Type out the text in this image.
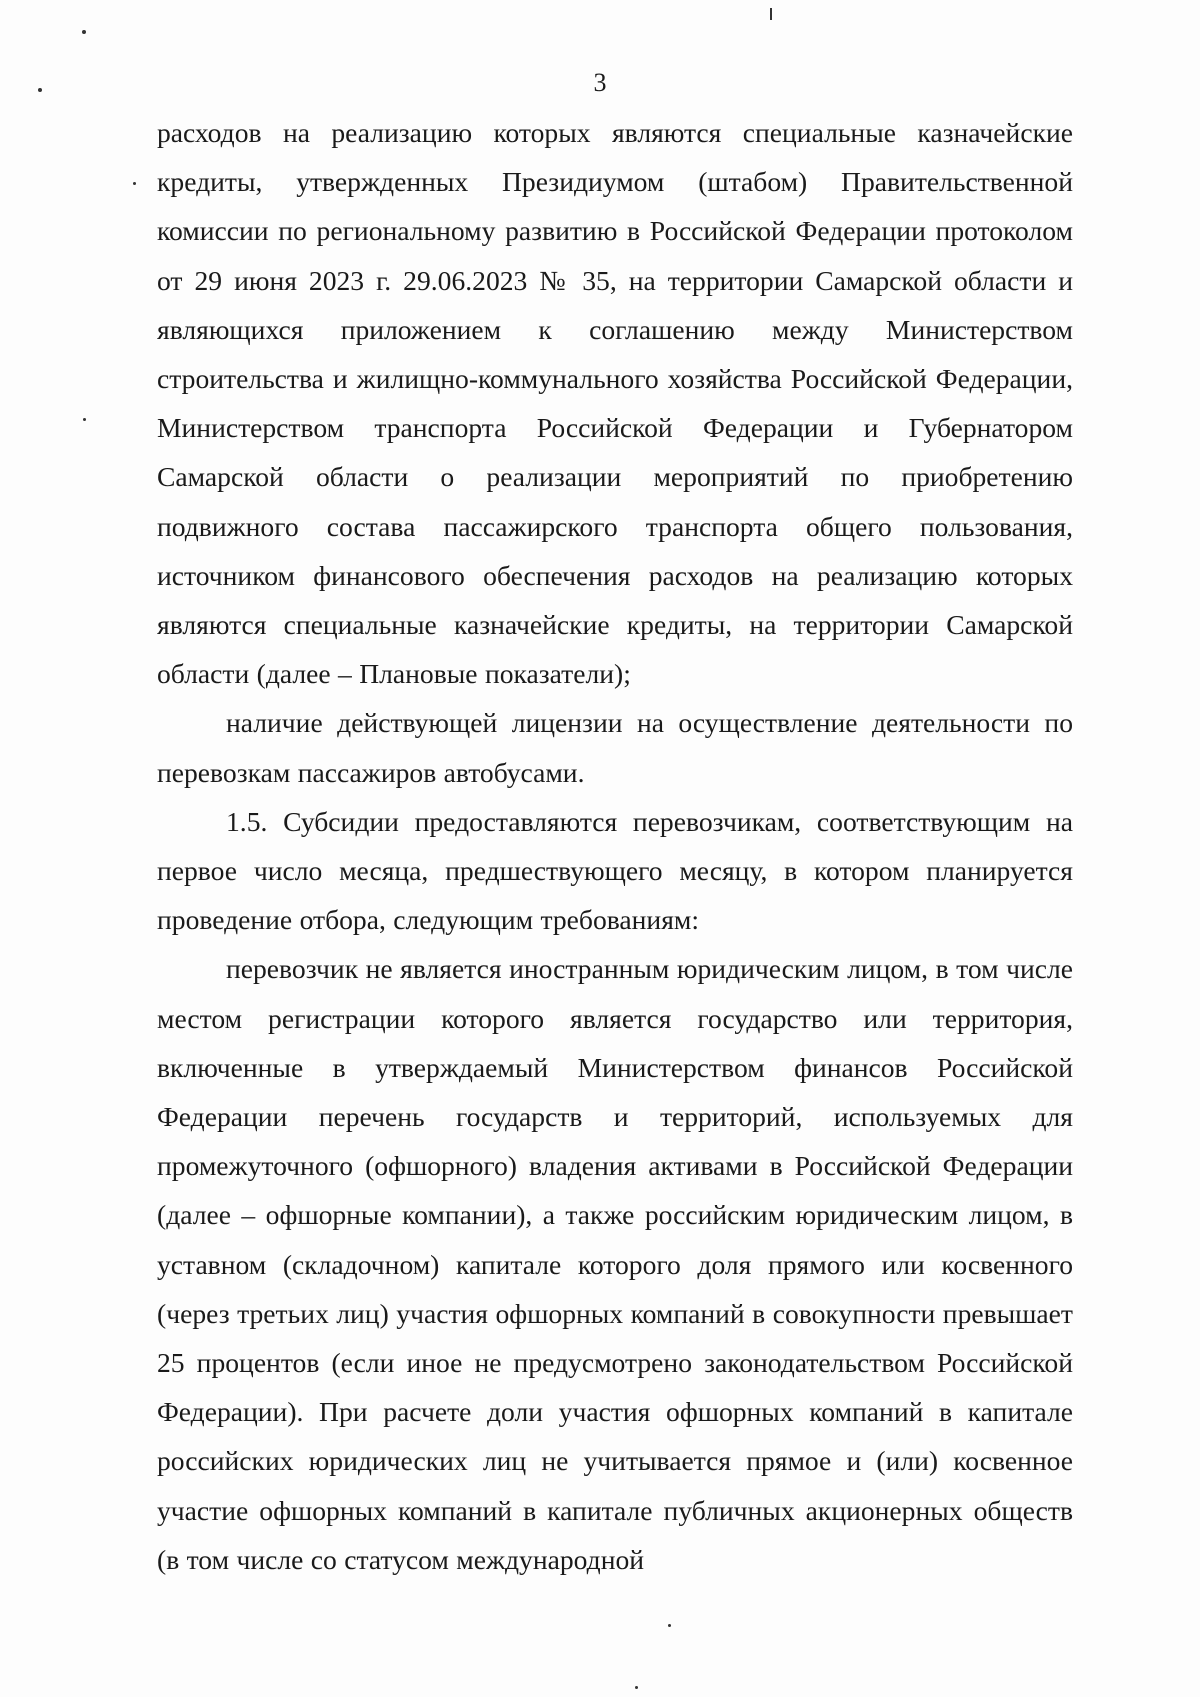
3

расходов на реализацию которых являются специальные казначейские кредиты, утвержденных Президиумом (штабом) Правительственной комиссии по региональному развитию в Российской Федерации протоколом от 29 июня 2023 г. 29.06.2023 № 35, на территории Самарской области и являющихся приложением к соглашению между Министерством строительства и жилищно-коммунального хозяйства Российской Федерации, Министерством транспорта Российской Федерации и Губернатором Самарской области о реализации мероприятий по приобретению подвижного состава пассажирского транспорта общего пользования, источником финансового обеспечения расходов на реализацию которых являются специальные казначейские кредиты, на территории Самарской области (далее – Плановые показатели);

наличие действующей лицензии на осуществление деятельности по перевозкам пассажиров автобусами.

1.5. Субсидии предоставляются перевозчикам, соответствующим на первое число месяца, предшествующего месяцу, в котором планируется проведение отбора, следующим требованиям:

перевозчик не является иностранным юридическим лицом, в том числе местом регистрации которого является государство или территория, включенные в утверждаемый Министерством финансов Российской Федерации перечень государств и территорий, используемых для промежуточного (офшорного) владения активами в Российской Федерации (далее – офшорные компании), а также российским юридическим лицом, в уставном (складочном) капитале которого доля прямого или косвенного (через третьих лиц) участия офшорных компаний в совокупности превышает 25 процентов (если иное не предусмотрено законодательством Российской Федерации). При расчете доли участия офшорных компаний в капитале российских юридических лиц не учитывается прямое и (или) косвенное участие офшорных компаний в капитале публичных акционерных обществ (в том числе со статусом международной
